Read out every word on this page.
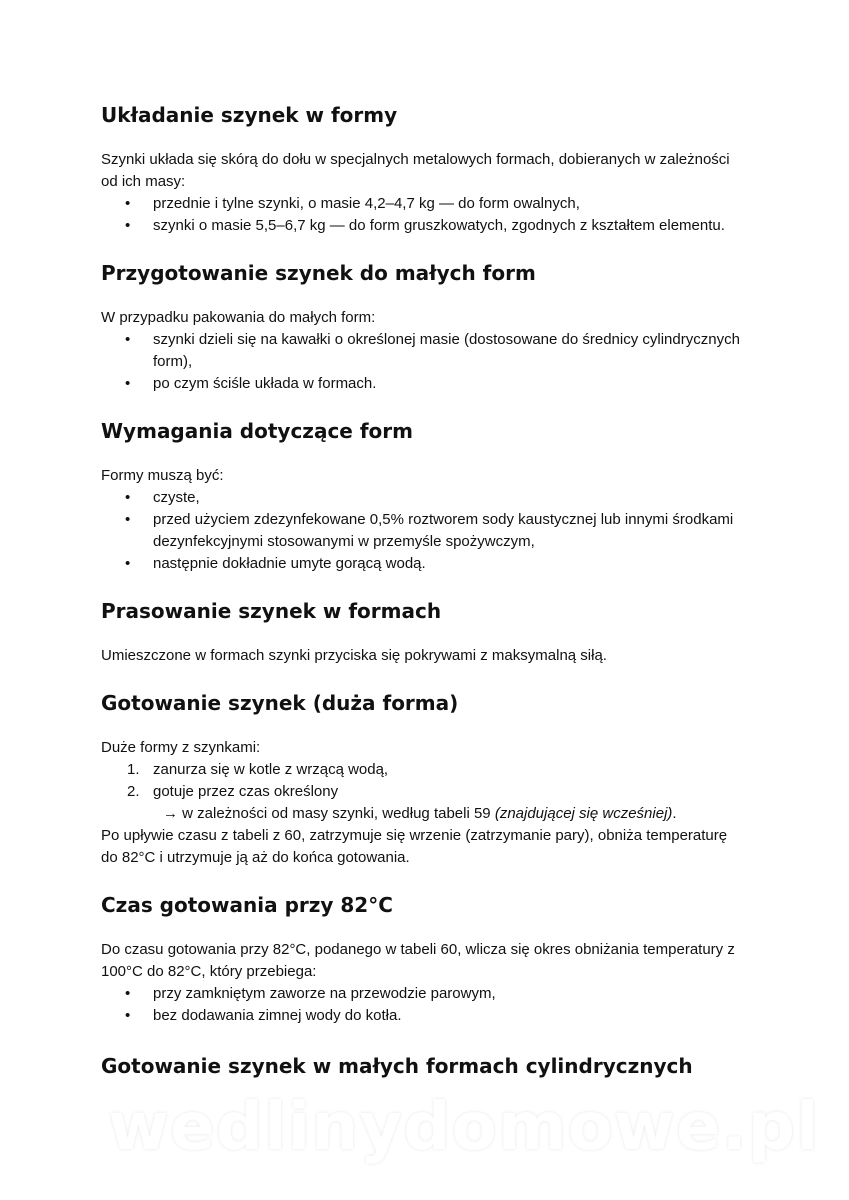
Układanie szynek w formy

Szynki układa się skórą do dołu w specjalnych metalowych formach, dobieranych w zależności od ich masy:

• przednie i tylne szynki, o masie 4,2–4,7 kg — do form owalnych,
• szynki o masie 5,5–6,7 kg — do form gruszkowatych, zgodnych z kształtem elementu.
Przygotowanie szynek do małych form

W przypadku pakowania do małych form:

• szynki dzieli się na kawałki o określonej masie (dostosowane do średnicy cylindrycznych form),
• po czym ściśle układa w formach.
Wymagania dotyczące form

Formy muszą być:

• czyste,
• przed użyciem zdezynfekowane 0,5% roztworem sody kaustycznej lub innymi środkami dezynfekcyjnymi stosowanymi w przemyśle spożywczym,
• następnie dokładnie umyte gorącą wodą.
Prasowanie szynek w formach

Umieszczone w formach szynki przyciska się pokrywami z maksymalną siłą.

Gotowanie szynek (duża forma)

Duże formy z szynkami:

1. zanurza się w kotle z wrzącą wodą,
2. gotuje przez czas określony
→ w zależności od masy szynki, według tabeli 59 (znajdującej się wcześniej).

Po upływie czasu z tabeli z 60, zatrzymuje się wrzenie (zatrzymanie pary), obniża temperaturę do 82°C i utrzymuje ją aż do końca gotowania.

Czas gotowania przy 82°C

Do czasu gotowania przy 82°C, podanego w tabeli 60, wlicza się okres obniżania temperatury z 100°C do 82°C, który przebiega:

• przy zamkniętym zaworze na przewodzie parowym,
• bez dodawania zimnej wody do kotła.
Gotowanie szynek w małych formach cylindrycznych
wedlinydomowe.pl
